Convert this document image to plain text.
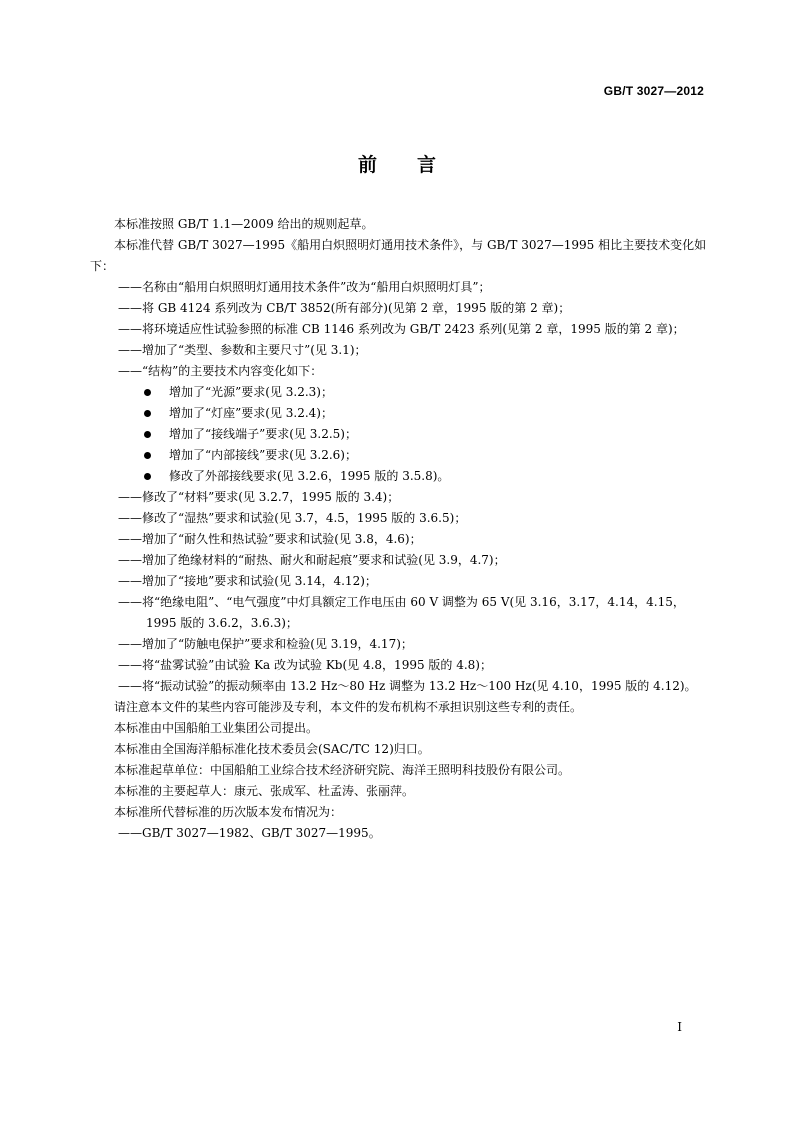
GB/T 3027—2012
前言

本标准按照 GB/T 1.1—2009 给出的规则起草。

本标准代替 GB/T 3027—1995《船用白炽照明灯通用技术条件》，与 GB/T 3027—1995 相比主要技术变化如下：

——名称由“船用白炽照明灯通用技术条件”改为“船用白炽照明灯具”；

——将 GB 4124 系列改为 CB/T 3852(所有部分)(见第 2 章，1995 版的第 2 章)；

——将环境适应性试验参照的标准 CB 1146 系列改为 GB/T 2423 系列(见第 2 章，1995 版的第 2 章)；

——增加了“类型、参数和主要尺寸”(见 3.1)；

——“结构”的主要技术内容变化如下：

增加了“光源”要求(见 3.2.3)；

增加了“灯座”要求(见 3.2.4)；

增加了“接线端子”要求(见 3.2.5)；

增加了“内部接线”要求(见 3.2.6)；

修改了外部接线要求(见 3.2.6，1995 版的 3.5.8)。

——修改了“材料”要求(见 3.2.7，1995 版的 3.4)；

——修改了“湿热”要求和试验(见 3.7，4.5，1995 版的 3.6.5)；

——增加了“耐久性和热试验”要求和试验(见 3.8，4.6)；

——增加了绝缘材料的“耐热、耐火和耐起痕”要求和试验(见 3.9，4.7)；

——增加了“接地”要求和试验(见 3.14，4.12)；

——将“绝缘电阻”、“电气强度”中灯具额定工作电压由 60 V 调整为 65 V(见 3.16，3.17，4.14，4.15，1995 版的 3.6.2，3.6.3)；

——增加了“防触电保护”要求和检验(见 3.19，4.17)；

——将“盐雾试验”由试验 Ka 改为试验 Kb(见 4.8，1995 版的 4.8)；

——将“振动试验”的振动频率由 13.2 Hz～80 Hz 调整为 13.2 Hz～100 Hz(见 4.10，1995 版的 4.12)。

请注意本文件的某些内容可能涉及专利，本文件的发布机构不承担识别这些专利的责任。

本标准由中国船舶工业集团公司提出。

本标准由全国海洋船标准化技术委员会(SAC/TC 12)归口。

本标准起草单位：中国船舶工业综合技术经济研究院、海洋王照明科技股份有限公司。

本标准的主要起草人：康元、张成军、杜孟涛、张丽萍。

本标准所代替标准的历次版本发布情况为：

——GB/T 3027—1982、GB/T 3027—1995。

I
